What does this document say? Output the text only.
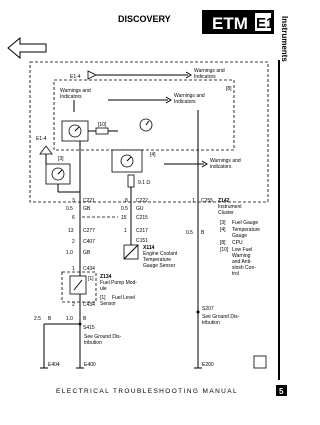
DISCOVERY ETM E1 Instruments
E1-4
Warnings and
Indicators
[8]
Warnings and
Indicators	Warnings and
Indicators
[10]
E1-4
[3]
[4]
9.1 Ω
Warnings and
indicators
3 C221	8 C222	1 C255 Z142
Instrument
Cluster
0.5 GB	0.5 GU
[3] Fuel Gauge
[4] Temperature
Gauge
[8] CPU
[10] Low Fuel
Warning
and Anti-
slosh Con-
trol
6	15 C215
13 C277	1 C217	0.5 B
2 C407
1.0 GB
C151
X114
Engine Coolant
Temperature
Gauge Sensor
1 C434
[1] Z134
Fuel Pump Mod-
ule
[1] Fuel Level
Sensor
2 C434
2.5 B	1.0 B
S415
See Ground Dis-
tribution
S207
See Ground Dis-
tribution
E404	E400	E200
ELECTRICAL TROUBLESHOOTING MANUAL	5
